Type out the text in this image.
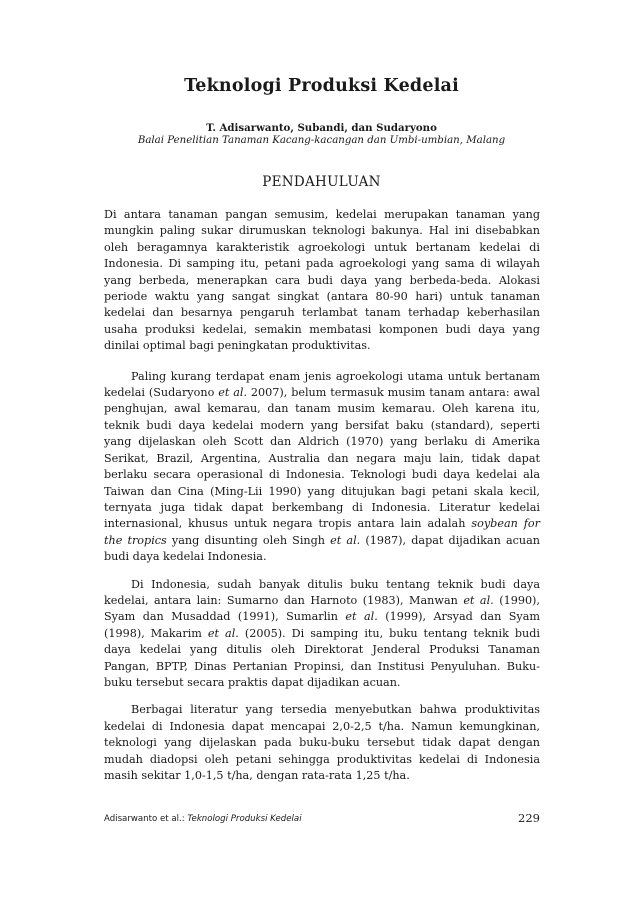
Teknologi Produksi Kedelai
T. Adisarwanto, Subandi, dan Sudaryono
Balai Penelitian Tanaman Kacang-kacangan dan Umbi-umbian, Malang
PENDAHULUAN

Di antara tanaman pangan semusim, kedelai merupakan tanaman yang mungkin paling sukar dirumuskan teknologi bakunya. Hal ini disebabkan oleh beragamnya karakteristik agroekologi untuk bertanam kedelai di Indonesia. Di samping itu, petani pada agroekologi yang sama di wilayah yang berbeda, menerapkan cara budi daya yang berbeda-beda. Alokasi periode waktu yang sangat singkat (antara 80-90 hari) untuk tanaman kedelai dan besarnya pengaruh terlambat tanam terhadap keberhasilan usaha produksi kedelai, semakin membatasi komponen budi daya yang dinilai optimal bagi peningkatan produktivitas.

Paling kurang terdapat enam jenis agroekologi utama untuk bertanam kedelai (Sudaryono et al. 2007), belum termasuk musim tanam antara: awal penghujan, awal kemarau, dan tanam musim kemarau. Oleh karena itu, teknik budi daya kedelai modern yang bersifat baku (standard), seperti yang dijelaskan oleh Scott dan Aldrich (1970) yang berlaku di Amerika Serikat, Brazil, Argentina, Australia dan negara maju lain, tidak dapat berlaku secara operasional di Indonesia. Teknologi budi daya kedelai ala Taiwan dan Cina (Ming-Lii 1990) yang ditujukan bagi petani skala kecil, ternyata juga tidak dapat berkembang di Indonesia. Literatur kedelai internasional, khusus untuk negara tropis antara lain adalah soybean for the tropics yang disunting oleh Singh et al. (1987), dapat dijadikan acuan budi daya kedelai Indonesia.

Di Indonesia, sudah banyak ditulis buku tentang teknik budi daya kedelai, antara lain: Sumarno dan Harnoto (1983), Manwan et al. (1990), Syam dan Musaddad (1991), Sumarlin et al. (1999), Arsyad dan Syam (1998), Makarim et al. (2005). Di samping itu, buku tentang teknik budi daya kedelai yang ditulis oleh Direktorat Jenderal Produksi Tanaman Pangan, BPTP, Dinas Pertanian Propinsi, dan Institusi Penyuluhan. Buku-buku tersebut secara praktis dapat dijadikan acuan.

Berbagai literatur yang tersedia menyebutkan bahwa produktivitas kedelai di Indonesia dapat mencapai 2,0-2,5 t/ha. Namun kemungkinan, teknologi yang dijelaskan pada buku-buku tersebut tidak dapat dengan mudah diadopsi oleh petani sehingga produktivitas kedelai di Indonesia masih sekitar 1,0-1,5 t/ha, dengan rata-rata 1,25 t/ha.

Adisarwanto et al.: Teknologi Produksi Kedelai	229
